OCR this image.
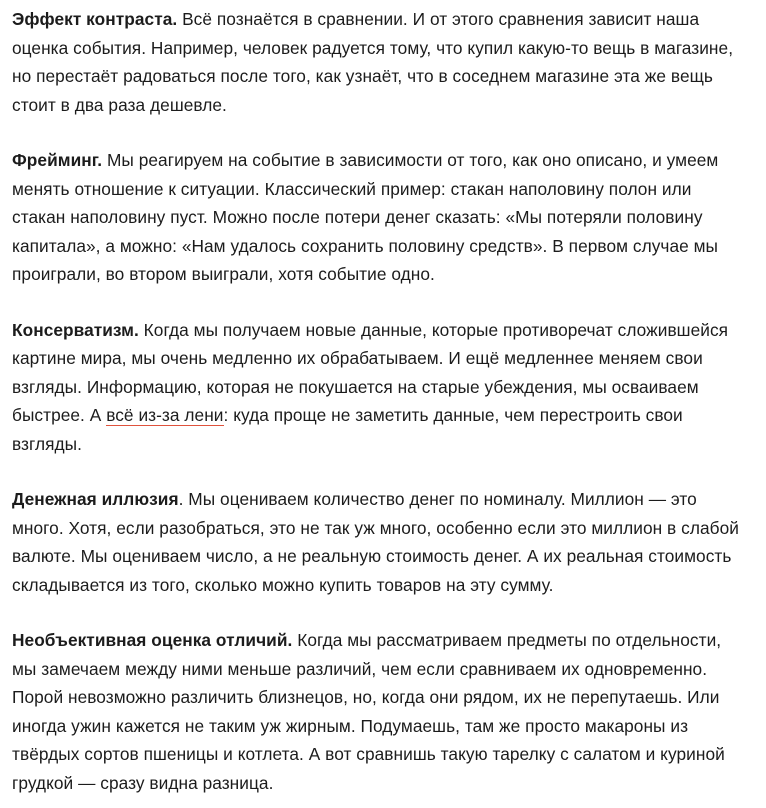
Эффект контраста. Всё познаётся в сравнении. И от этого сравнения зависит наша оценка события. Например, человек радуется тому, что купил какую-то вещь в магазине, но перестаёт радоваться после того, как узнаёт, что в соседнем магазине эта же вещь стоит в два раза дешевле.

Фрейминг. Мы реагируем на событие в зависимости от того, как оно описано, и умеем менять отношение к ситуации. Классический пример: стакан наполовину полон или стакан наполовину пуст. Можно после потери денег сказать: «Мы потеряли половину капитала», а можно: «Нам удалось сохранить половину средств». В первом случае мы проиграли, во втором выиграли, хотя событие одно.

Консерватизм. Когда мы получаем новые данные, которые противоречат сложившейся картине мира, мы очень медленно их обрабатываем. И ещё медленнее меняем свои взгляды. Информацию, которая не покушается на старые убеждения, мы осваиваем быстрее. А всё из-за лени: куда проще не заметить данные, чем перестроить свои взгляды.

Денежная иллюзия. Мы оцениваем количество денег по номиналу. Миллион — это много. Хотя, если разобраться, это не так уж много, особенно если это миллион в слабой валюте. Мы оцениваем число, а не реальную стоимость денег. А их реальная стоимость складывается из того, сколько можно купить товаров на эту сумму.

Необъективная оценка отличий. Когда мы рассматриваем предметы по отдельности, мы замечаем между ними меньше различий, чем если сравниваем их одновременно. Порой невозможно различить близнецов, но, когда они рядом, их не перепутаешь. Или иногда ужин кажется не таким уж жирным. Подумаешь, там же просто макароны из твёрдых сортов пшеницы и котлета. А вот сравнишь такую тарелку с салатом и куриной грудкой — сразу видна разница.
